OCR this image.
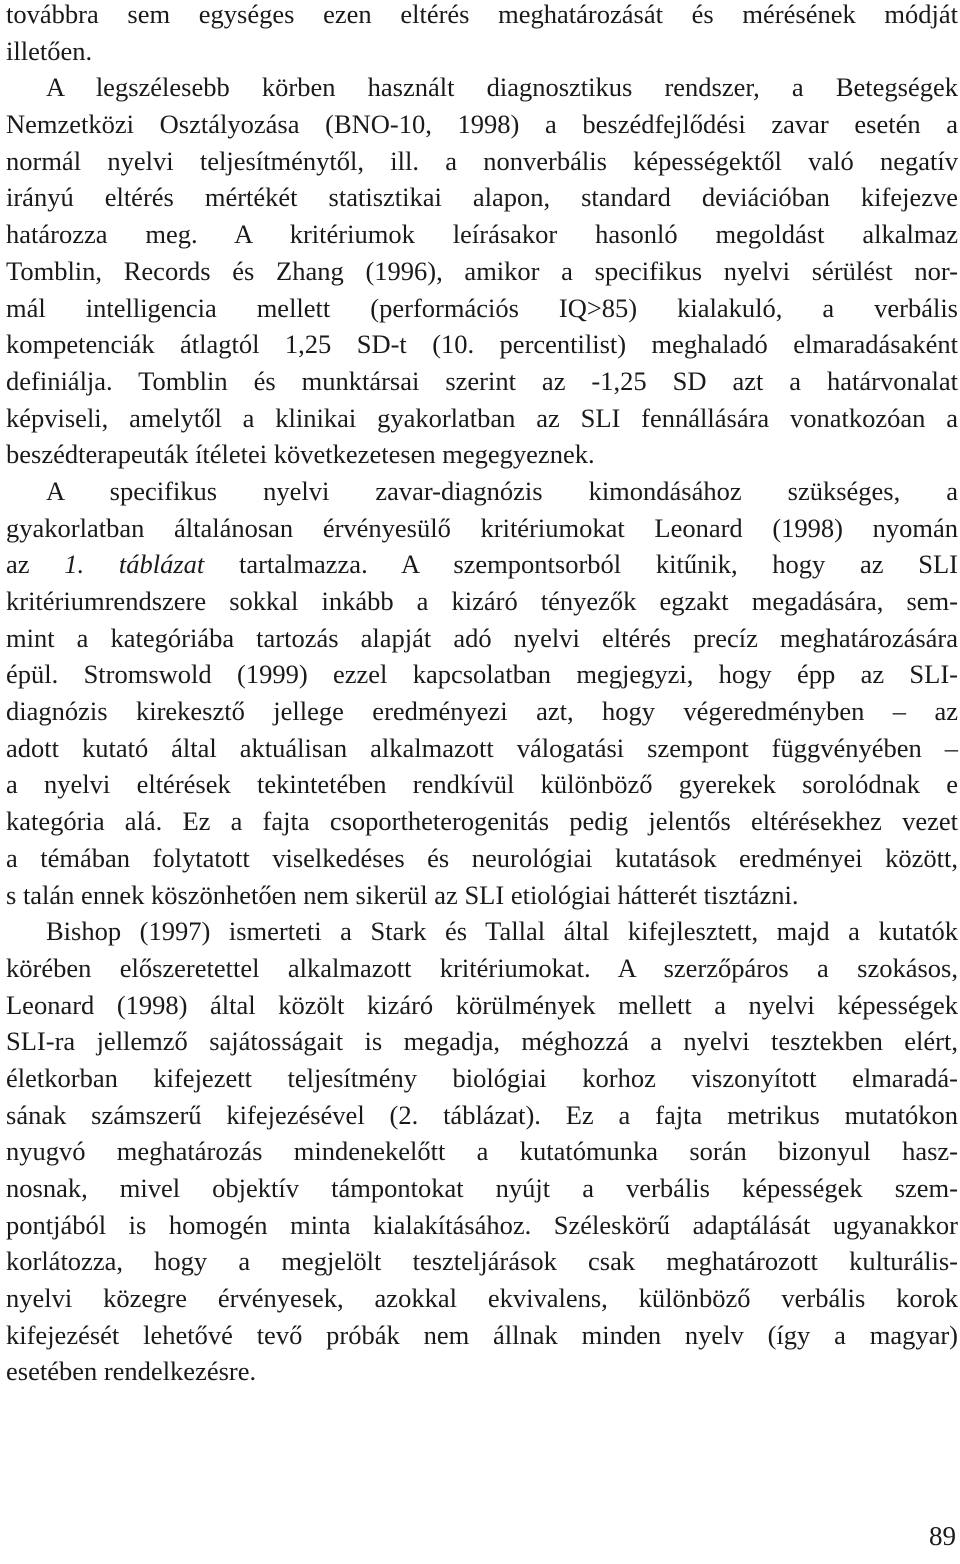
továbbra sem egységes ezen eltérés meghatározását és mérésének módját
illetően.
A legszélesebb körben használt diagnosztikus rendszer, a Betegségek
Nemzetközi Osztályozása (BNO-10, 1998) a beszédfejlődési zavar esetén a
normál nyelvi teljesítménytől, ill. a nonverbális képességektől való negatív
irányú eltérés mértékét statisztikai alapon, standard deviációban kifejezve
határozza meg. A kritériumok leírásakor hasonló megoldást alkalmaz
Tomblin, Records és Zhang (1996), amikor a specifikus nyelvi sérülést nor-
mál intelligencia mellett (performációs IQ>85) kialakuló, a verbális
kompetenciák átlagtól 1,25 SD-t (10. percentilist) meghaladó elmaradásaként
definiálja. Tomblin és munktársai szerint az -1,25 SD azt a határvonalat
képviseli, amelytől a klinikai gyakorlatban az SLI fennállására vonatkozóan a
beszédterapeuták ítéletei következetesen megegyeznek.
A specifikus nyelvi zavar-diagnózis kimondásához szükséges, a
gyakorlatban általánosan érvényesülő kritériumokat Leonard (1998) nyomán
az 1. táblázat tartalmazza. A szempontsorból kitűnik, hogy az SLI
kritériumrendszere sokkal inkább a kizáró tényezők egzakt megadására, sem-
mint a kategóriába tartozás alapját adó nyelvi eltérés precíz meghatározására
épül. Stromswold (1999) ezzel kapcsolatban megjegyzi, hogy épp az SLI-
diagnózis kirekesztő jellege eredményezi azt, hogy végeredményben – az
adott kutató által aktuálisan alkalmazott válogatási szempont függvényében –
a nyelvi eltérések tekintetében rendkívül különböző gyerekek sorolódnak e
kategória alá. Ez a fajta csoportheterogenitás pedig jelentős eltérésekhez vezet
a témában folytatott viselkedéses és neurológiai kutatások eredményei között,
s talán ennek köszönhetően nem sikerül az SLI etiológiai hátterét tisztázni.
Bishop (1997) ismerteti a Stark és Tallal által kifejlesztett, majd a kutatók
körében előszeretettel alkalmazott kritériumokat. A szerzőpáros a szokásos,
Leonard (1998) által közölt kizáró körülmények mellett a nyelvi képességek
SLI-ra jellemző sajátosságait is megadja, méghozzá a nyelvi tesztekben elért,
életkorban kifejezett teljesítmény biológiai korhoz viszonyított elmaradá-
sának számszerű kifejezésével (2. táblázat). Ez a fajta metrikus mutatókon
nyugvó meghatározás mindenekelőtt a kutatómunka során bizonyul hasz-
nosnak, mivel objektív támpontokat nyújt a verbális képességek szem-
pontjából is homogén minta kialakításához. Széleskörű adaptálását ugyanakkor
korlátozza, hogy a megjelölt teszteljárások csak meghatározott kulturális-
nyelvi közegre érvényesek, azokkal ekvivalens, különböző verbális korok
kifejezését lehetővé tevő próbák nem állnak minden nyelv (így a magyar)
esetében rendelkezésre.
89
